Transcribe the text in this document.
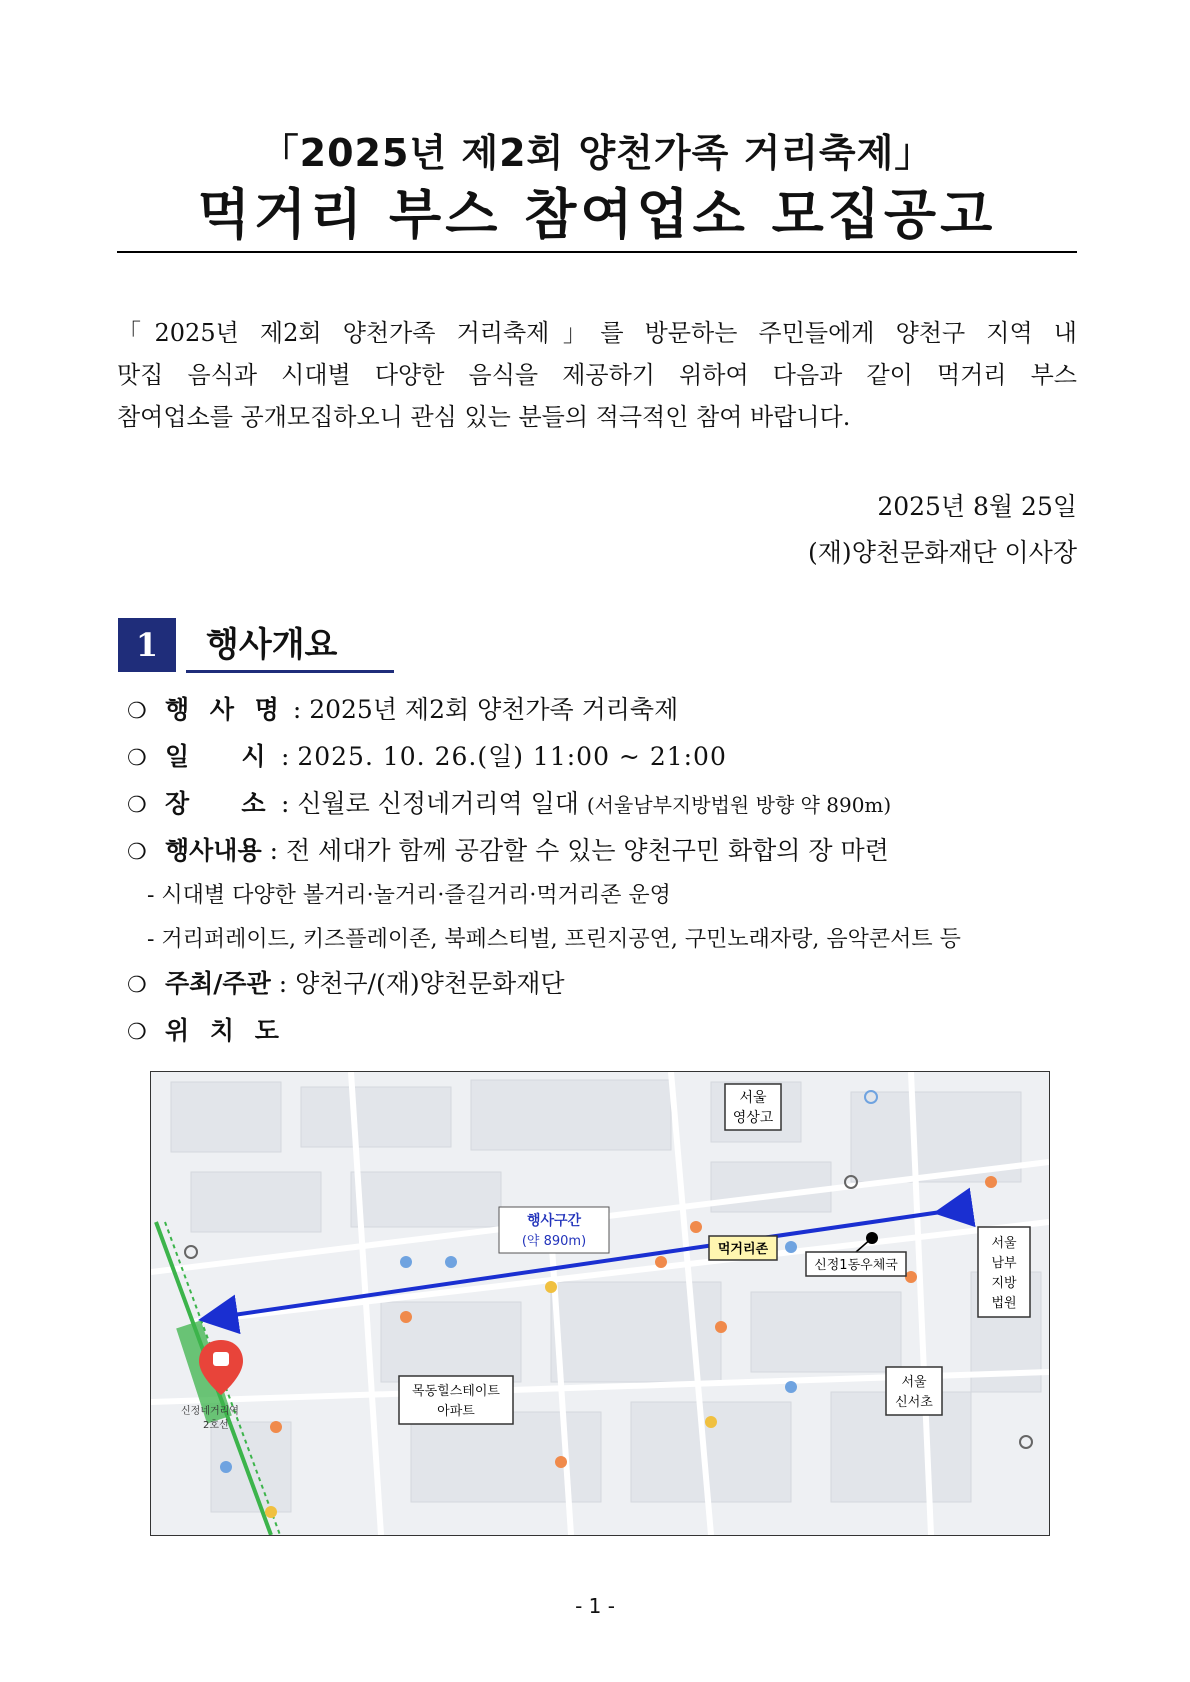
「2025년 제2회 양천가족 거리축제」
먹거리 부스 참여업소 모집공고
「2025년 제2회 양천가족 거리축제」를 방문하는 주민들에게 양천구 지역 내
맛집 음식과 시대별 다양한 음식을 제공하기 위하여 다음과 같이 먹거리 부스
참여업소를 공개모집하오니 관심 있는 분들의 적극적인 참여 바랍니다.
2025년 8월 25일
(재)양천문화재단 이사장
1	행사개요
❍ 행 사 명 : 2025년 제2회 양천가족 거리축제
❍ 일      시 : 2025. 10. 26.(일) 11:00 ~ 21:00
❍ 장      소 : 신월로 신정네거리역 일대 (서울남부지방법원 방향 약 890m)
❍ 행사내용 : 전 세대가 함께 공감할 수 있는 양천구민 화합의 장 마련
- 시대별 다양한 볼거리·놀거리·즐길거리·먹거리존 운영
- 거리퍼레이드, 키즈플레이존, 북페스티벌, 프린지공연, 구민노래자랑, 음악콘서트 등
❍ 주최/주관 : 양천구/(재)양천문화재단
❍ 위 치 도
신정네거리역
2호선
서울
영상고
행사구간
(약 890m)
먹거리존
신정1동우체국
서울
남부
지방
법원
목동힐스테이트
아파트
서울
신서초
- 1 -
